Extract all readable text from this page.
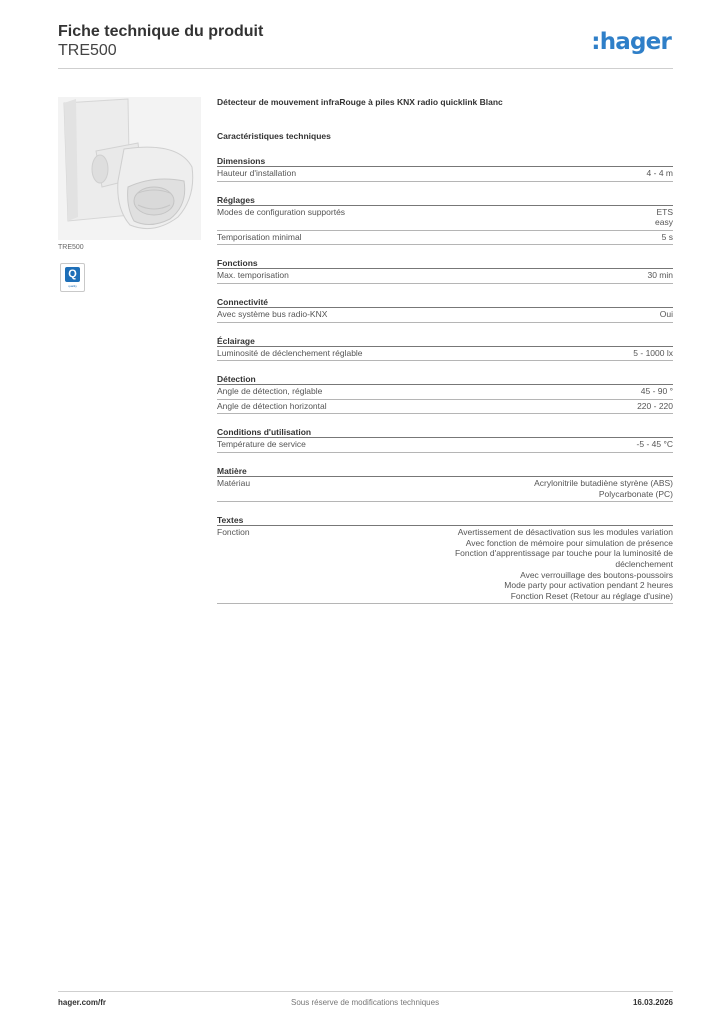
Fiche technique du produit
TRE500	:hager
TRE500
Q
quality
Détecteur de mouvement infraRouge à piles KNX radio quicklink Blanc
Caractéristiques techniques
Dimensions
Hauteur d'installation	4 - 4 m
Réglages
Modes de configuration supportés	ETS
easy
Temporisation minimal	5 s
Fonctions
Max. temporisation	30 min
Connectivité
Avec système bus radio-KNX	Oui
Éclairage
Luminosité de déclenchement réglable	5 - 1000 lx
Détection
Angle de détection, réglable	45 - 90 °
Angle de détection horizontal	220 - 220
Conditions d'utilisation
Température de service	-5 - 45 °C
Matière
Matériau	Acrylonitrile butadiène styrène (ABS)
Polycarbonate (PC)
Textes
Fonction	Avertissement de désactivation sus les modules variation
Avec fonction de mémoire pour simulation de présence
Fonction d'apprentissage par touche pour la luminosité de
déclenchement
Avec verrouillage des boutons-poussoirs
Mode party pour activation pendant 2 heures
Fonction Reset (Retour au réglage d'usine)
hager.com/fr	Sous réserve de modifications techniques	16.03.2026
